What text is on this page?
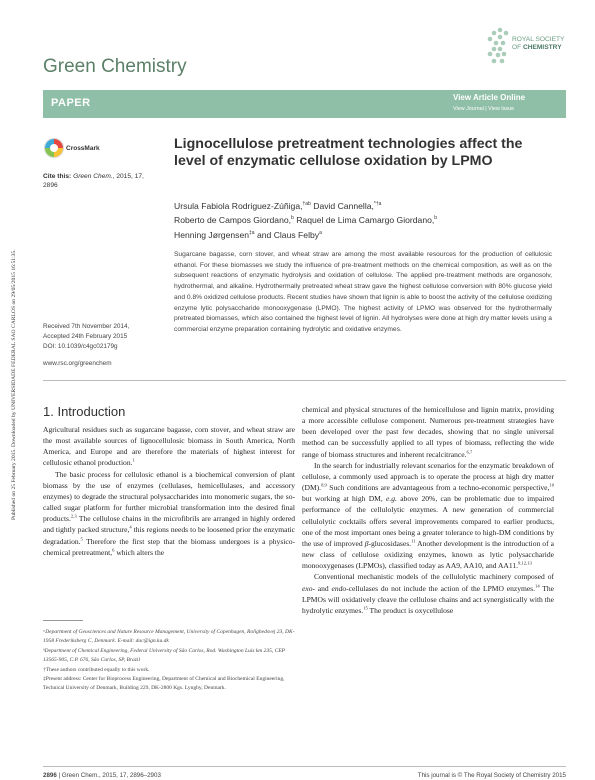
Published on 25 February 2015. Downloaded by UNIVERSIDADE FEDERAL SAO CARLOS on 29/05/2015 16:51:35.
Green Chemistry
ROYAL SOCIETY
OF CHEMISTRY
PAPER	View Article Online
View Journal | View Issue
CrossMark
Cite this: Green Chem., 2015, 17,
2896
Lignocellulose pretreatment technologies affect the level of enzymatic cellulose oxidation by LPMO
Ursula Fabiola Rodriguez-Zúñiga,$^{\dagger ab}$ David Cannella,$^{*\dagger a}$
Roberto de Campos Giordano,$^b$ Raquel de Lima Camargo Giordano,$^b$
Henning Jørgensen$^{\ddagger a}$ and Claus Felby$^a$
Sugarcane bagasse, corn stover, and wheat straw are among the most available resources for the production of cellulosic ethanol. For these biomasses we study the influence of pre-treatment methods on the chemical composition, as well as on the subsequent reactions of enzymatic hydrolysis and oxidation of cellulose. The applied pre-treatment methods are organosolv, hydrothermal, and alkaline. Hydrothermally pretreated wheat straw gave the highest cellulose conversion with 80% glucose yield and 0.8% oxidized cellulose products. Recent studies have shown that lignin is able to boost the activity of the cellulose oxidizing enzyme lytic polysaccharide monooxygenase (LPMO). The highest activity of LPMO was observed for the hydrothermally pretreated biomasses, which also contained the highest level of lignin. All hydrolyses were done at high dry matter levels using a commercial enzyme preparation containing hydrolytic and oxidative enzymes.
Received 7th November 2014,
Accepted 24th February 2015
DOI: 10.1039/c4gc02179g
www.rsc.org/greenchem
1. Introduction

Agricultural residues such as sugarcane bagasse, corn stover, and wheat straw are the most available sources of lignocellulosic biomass in South America, North America, and Europe and are therefore the materials of highest interest for cellulosic ethanol production.$^1$

The basic process for cellulosic ethanol is a biochemical conversion of plant biomass by the use of enzymes (cellulases, hemicellulases, and accessory enzymes) to degrade the structural polysaccharides into monomeric sugars, the so-called sugar platform for further microbial transformation into the desired final products.$^{2,3}$ The cellulose chains in the microfibrils are arranged in highly ordered and tightly packed structure,$^4$ this regions needs to be loosened prior the enzymatic degradation.$^5$ Therefore the first step that the biomass undergoes is a physico-chemical pretreatment,$^6$ which alters the

ᵃDepartment of Geosciences and Nature Resource Management, University of Copenhagen, Rolighedsvej 23, DK-1958 Frederiksberg C, Denmark. E-mail: dac@ign.ku.dk

ᵇDepartment of Chemical Engineering, Federal University of São Carlos, Rod. Washington Luis km 235, CEP 13565-905, C.P. 676, São Carlos, SP, Brazil

†These authors contributed equally to this work.

‡Present address: Center for Bioprocess Engineering, Department of Chemical and Biochemical Engineering, Technical University of Denmark, Building 229, DK-2800 Kgs. Lyngby, Denmark.

chemical and physical structures of the hemicellulose and lignin matrix, providing a more accessible cellulose component. Numerous pre-treatment strategies have been developed over the past few decades, showing that no single universal method can be successfully applied to all types of biomass, reflecting the wide range of biomass structures and inherent recalcitrance.$^{6,7}$

In the search for industrially relevant scenarios for the enzymatic breakdown of cellulose, a commonly used approach is to operate the process at high dry matter (DM).$^{8,9}$ Such conditions are advantageous from a techno-economic perspective,$^{10}$ but working at high DM, e.g. above 20%, can be problematic due to impaired performance of the cellulolytic enzymes. A new generation of commercial cellulolytic cocktails offers several improvements compared to earlier products, one of the most important ones being a greater tolerance to high-DM conditions by the use of improved β-glucosidases.$^{11}$ Another development is the introduction of a new class of cellulose oxidizing enzymes, known as lytic polysaccharide monooxygenases (LPMOs), classified today as AA9, AA10, and AA11.$^{9,12,13}$

Conventional mechanistic models of the cellulolytic machinery composed of exo- and endo-cellulases do not include the action of the LPMO enzymes.$^{14}$ The LPMOs will oxidatively cleave the cellulose chains and act synergistically with the hydrolytic enzymes.$^{15}$ The product is oxycellulose

2896 | Green Chem., 2015, 17, 2896–2903	This journal is © The Royal Society of Chemistry 2015
